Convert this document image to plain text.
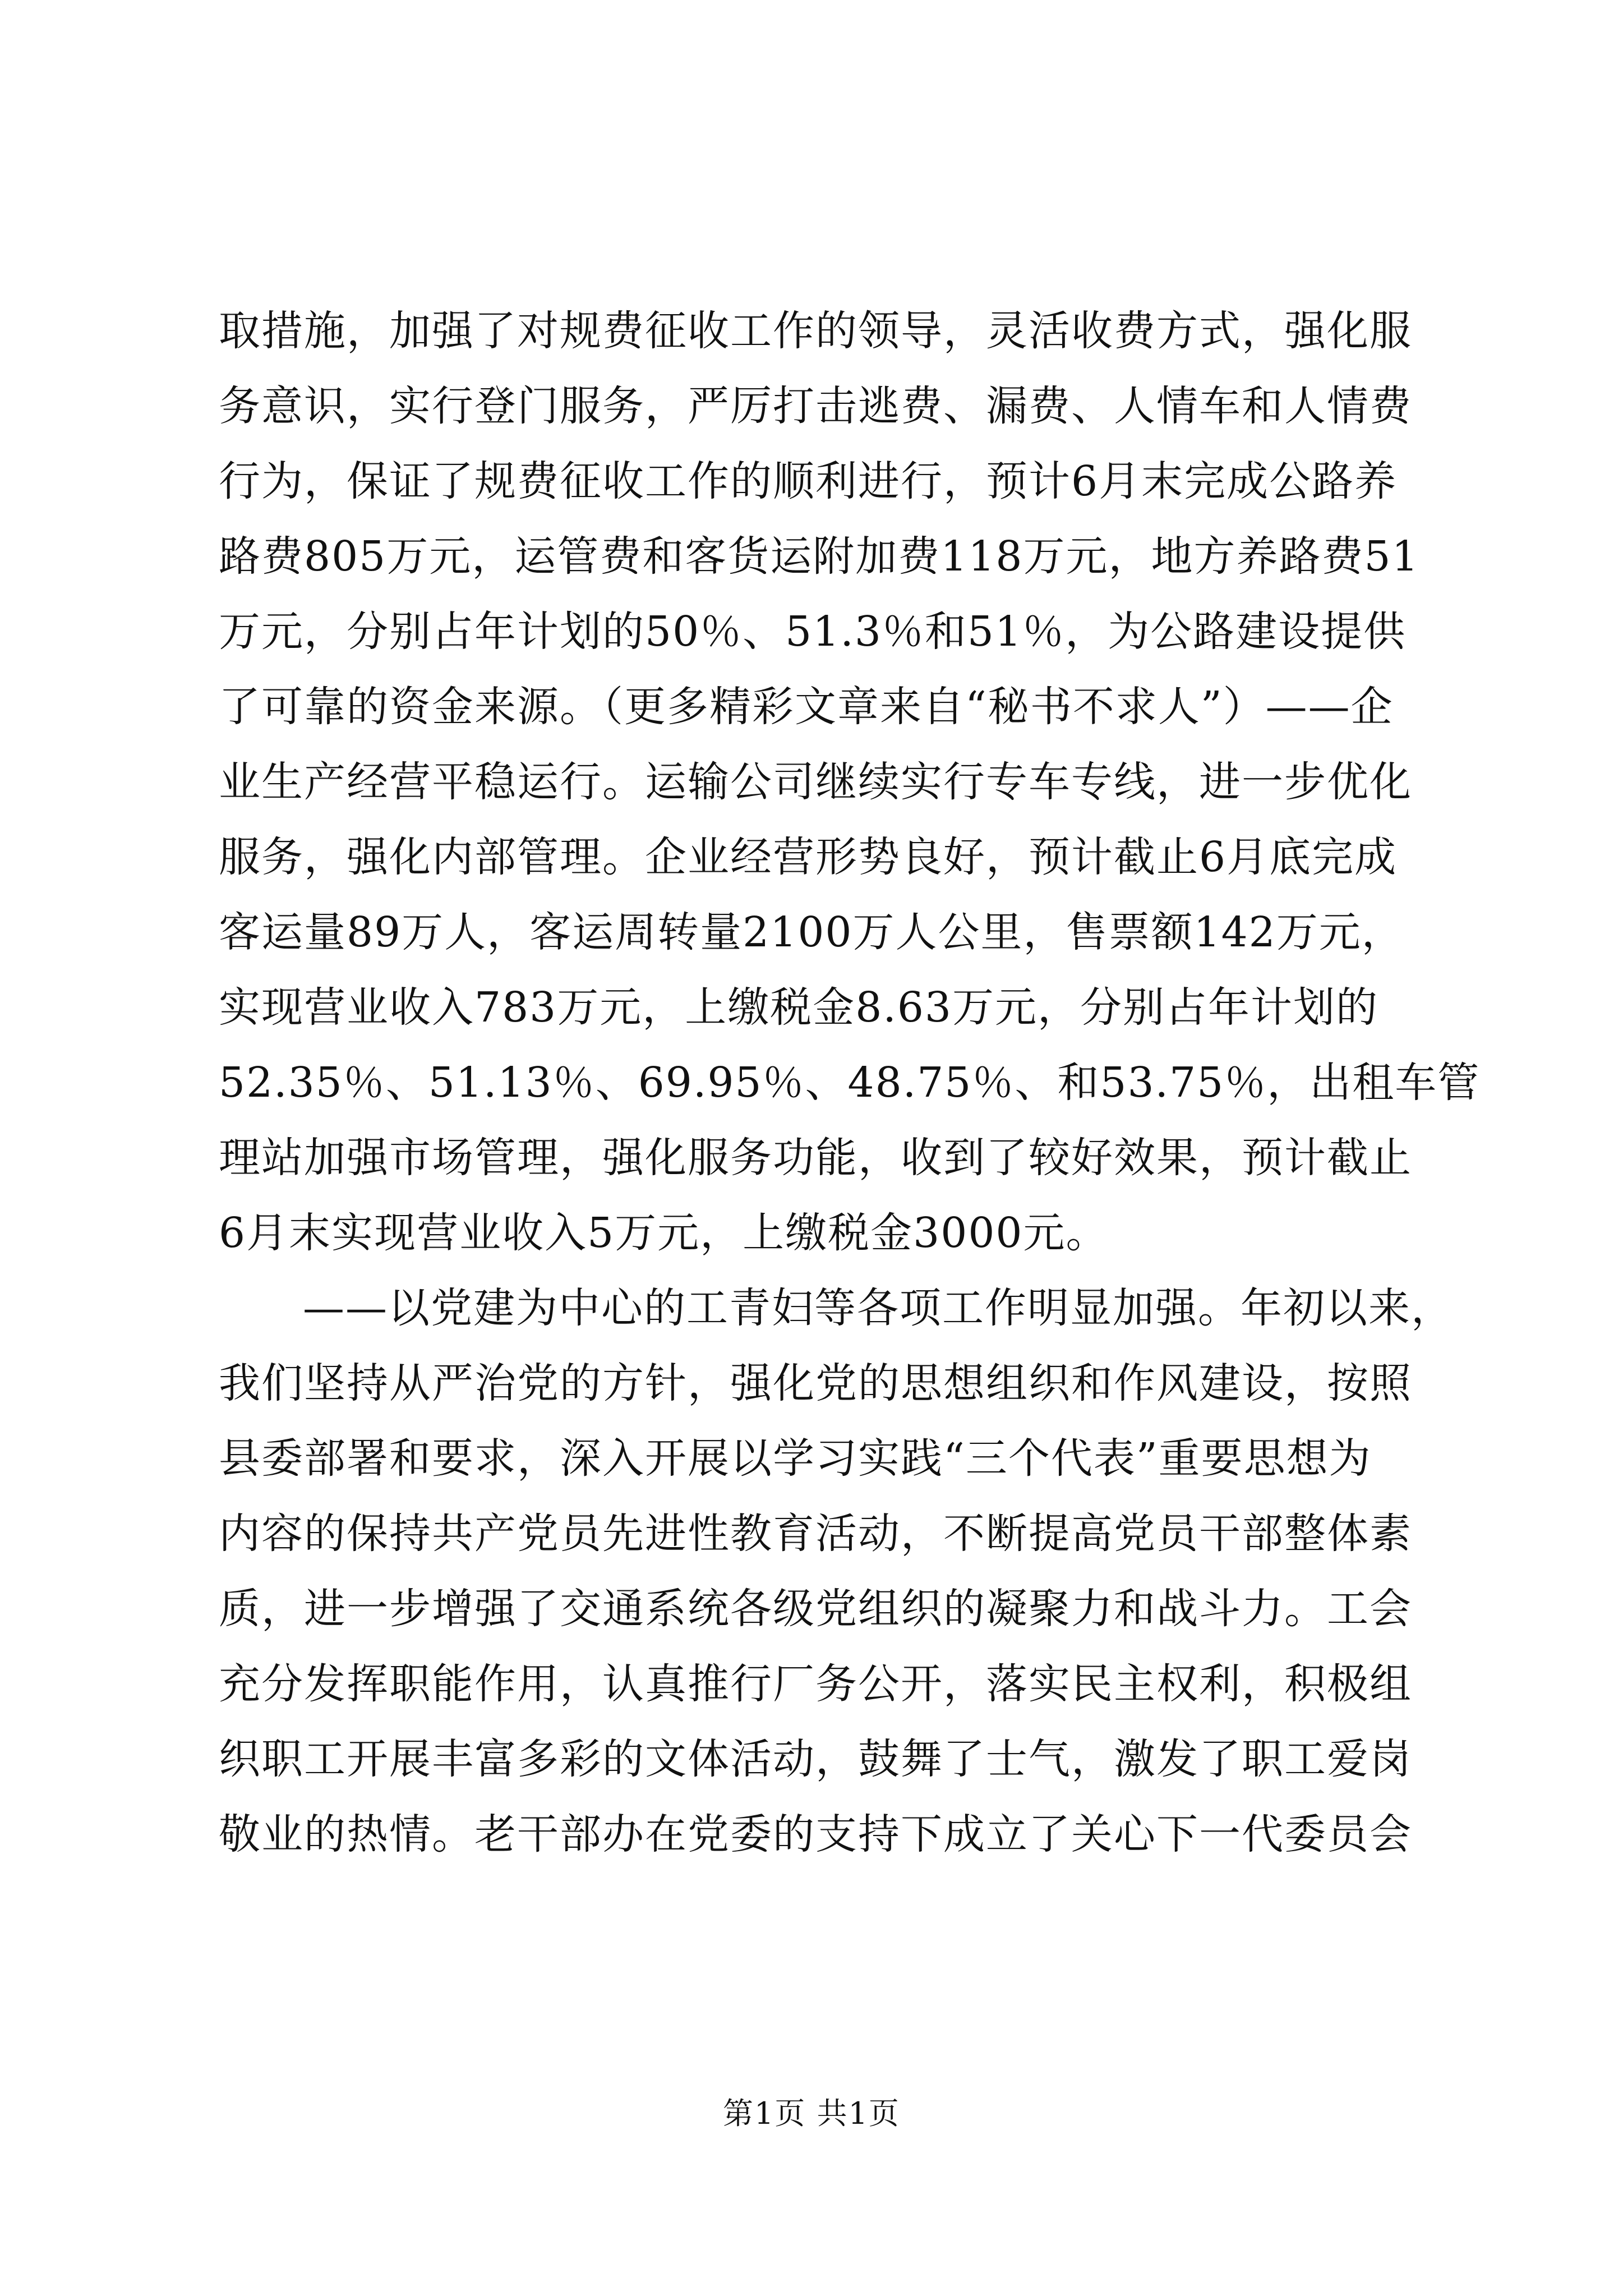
取措施，加强了对规费征收工作的领导，灵活收费方式，强化服
务意识，实行登门服务，严厉打击逃费、漏费、人情车和人情费
行为，保证了规费征收工作的顺利进行，预计6月末完成公路养
路费805万元，运管费和客货运附加费118万元，地方养路费51
万元，分别占年计划的50％、51.3％和51％，为公路建设提供
了可靠的资金来源。（更多精彩文章来自“秘书不求人”）——企
业生产经营平稳运行。运输公司继续实行专车专线，进一步优化
服务，强化内部管理。企业经营形势良好，预计截止6月底完成
客运量89万人，客运周转量2100万人公里，售票额142万元，
实现营业收入783万元，上缴税金8.63万元，分别占年计划的
52.35％、51.13％、69.95％、48.75％、和53.75％，出租车管
理站加强市场管理，强化服务功能，收到了较好效果，预计截止
6月末实现营业收入5万元，上缴税金3000元。
——以党建为中心的工青妇等各项工作明显加强。年初以来，
我们坚持从严治党的方针，强化党的思想组织和作风建设，按照
县委部署和要求，深入开展以学习实践“三个代表”重要思想为
内容的保持共产党员先进性教育活动，不断提高党员干部整体素
质，进一步增强了交通系统各级党组织的凝聚力和战斗力。工会
充分发挥职能作用，认真推行厂务公开，落实民主权利，积极组
织职工开展丰富多彩的文体活动，鼓舞了士气，激发了职工爱岗
敬业的热情。老干部办在党委的支持下成立了关心下一代委员会
第1页 共1页
